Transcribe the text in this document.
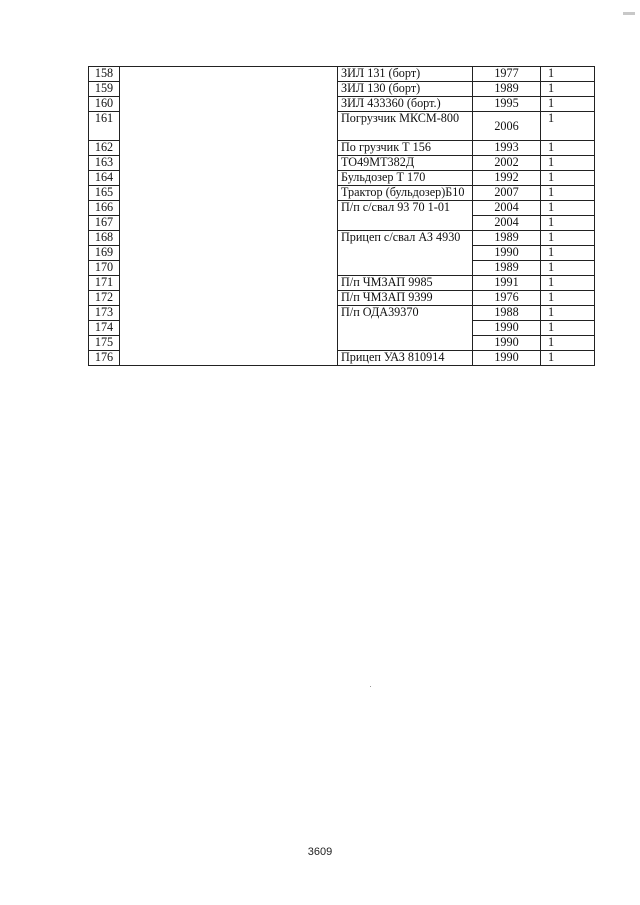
158		ЗИЛ 131 (борт)	1977	1
159		ЗИЛ 130 (борт)	1989	1
160		ЗИЛ 433360 (борт.)	1995	1
161		Погрузчик МКСМ-800	2006	1
162		По грузчик Т 156	1993	1
163		ТО49МТ382Д	2002	1
164		Бульдозер Т 170	1992	1
165		Трактор (бульдозер)Б10	2007	1
166		П/п с/свал 93 70 1-01	2004	1
167			2004	1
168		Прицеп с/свал АЗ 4930	1989	1
169			1990	1
170			1989	1
171		П/п ЧМЗАП 9985	1991	1
172		П/п ЧМЗАП 9399	1976	1
173		П/п ОДА39370	1988	1
174			1990	1
175			1990	1
176		Прицеп УАЗ 810914	1990	1
3609
